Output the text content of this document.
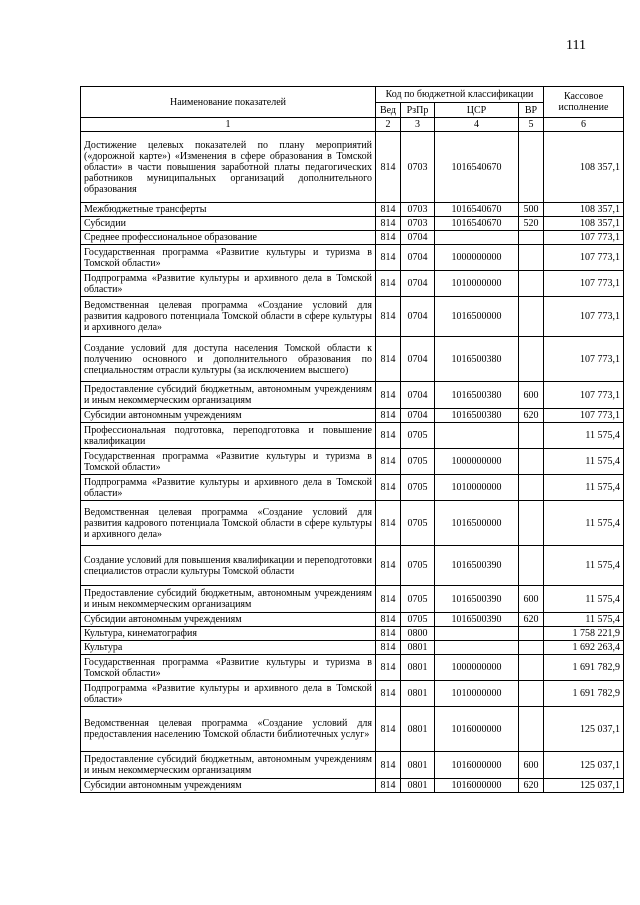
111
Наименование показателей	Код по бюджетной классификации				Кассовое исполнение
	Вед	РзПр	ЦСР	ВР	
1	2	3	4	5	6
Достижение целевых показателей по плану мероприятий («дорожной карте») «Изменения в сфере образования в Томской области» в части повышения заработной платы педагогических работников муниципальных организаций дополнительного образования	814	0703	1016540670		108 357,1
Межбюджетные трансферты	814	0703	1016540670	500	108 357,1
Субсидии	814	0703	1016540670	520	108 357,1
Среднее профессиональное образование	814	0704			107 773,1
Государственная программа «Развитие культуры и туризма в Томской области»	814	0704	1000000000		107 773,1
Подпрограмма «Развитие культуры и архивного дела в Томской области»	814	0704	1010000000		107 773,1
Ведомственная целевая программа «Создание условий для развития кадрового потенциала Томской области в сфере культуры и архивного дела»	814	0704	1016500000		107 773,1
Создание условий для доступа населения Томской области к получению основного и дополнительного образования по специальностям отрасли культуры (за исключением высшего)	814	0704	1016500380		107 773,1
Предоставление субсидий бюджетным, автономным учреждениям и иным некоммерческим организациям	814	0704	1016500380	600	107 773,1
Субсидии автономным учреждениям	814	0704	1016500380	620	107 773,1
Профессиональная подготовка, переподготовка и повышение квалификации	814	0705			11 575,4
Государственная программа «Развитие культуры и туризма в Томской области»	814	0705	1000000000		11 575,4
Подпрограмма «Развитие культуры и архивного дела в Томской области»	814	0705	1010000000		11 575,4
Ведомственная целевая программа «Создание условий для развития кадрового потенциала Томской области в сфере культуры и архивного дела»	814	0705	1016500000		11 575,4
Создание условий для повышения квалификации и переподготовки специалистов отрасли культуры Томской области	814	0705	1016500390		11 575,4
Предоставление субсидий бюджетным, автономным учреждениям и иным некоммерческим организациям	814	0705	1016500390	600	11 575,4
Субсидии автономным учреждениям	814	0705	1016500390	620	11 575,4
Культура, кинематография	814	0800			1 758 221,9
Культура	814	0801			1 692 263,4
Государственная программа «Развитие культуры и туризма в Томской области»	814	0801	1000000000		1 691 782,9
Подпрограмма «Развитие культуры и архивного дела в Томской области»	814	0801	1010000000		1 691 782,9
Ведомственная целевая программа «Создание условий для предоставления населению Томской области библиотечных услуг»	814	0801	1016000000		125 037,1
Предоставление субсидий бюджетным, автономным учреждениям и иным некоммерческим организациям	814	0801	1016000000	600	125 037,1
Субсидии автономным учреждениям	814	0801	1016000000	620	125 037,1
